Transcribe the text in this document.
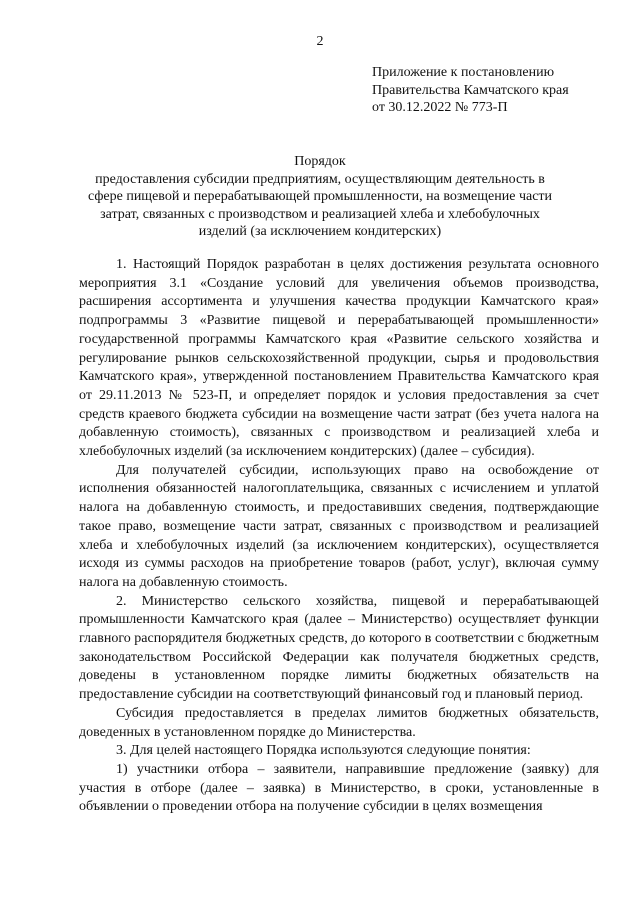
2
Приложение к постановлению
Правительства Камчатского края
от 30.12.2022 № 773-П
Порядок
предоставления субсидии предприятиям, осуществляющим деятельность в
сфере пищевой и перерабатывающей промышленности, на возмещение части
затрат, связанных с производством и реализацией хлеба и хлебобулочных
изделий (за исключением кондитерских)

1. Настоящий Порядок разработан в целях достижения результата основного мероприятия 3.1 «Создание условий для увеличения объемов производства, расширения ассортимента и улучшения качества продукции Камчатского края» подпрограммы 3 «Развитие пищевой и перерабатывающей промышленности» государственной программы Камчатского края «Развитие сельского хозяйства и регулирование рынков сельскохозяйственной продукции, сырья и продовольствия Камчатского края», утвержденной постановлением Правительства Камчатского края от 29.11.2013 № 523-П, и определяет порядок и условия предоставления за счет средств краевого бюджета субсидии на возмещение части затрат (без учета налога на добавленную стоимость), связанных с производством и реализацией хлеба и хлебобулочных изделий (за исключением кондитерских) (далее – субсидия).

Для получателей субсидии, использующих право на освобождение от исполнения обязанностей налогоплательщика, связанных с исчислением и уплатой налога на добавленную стоимость, и предоставивших сведения, подтверждающие такое право, возмещение части затрат, связанных с производством и реализацией хлеба и хлебобулочных изделий (за исключением кондитерских), осуществляется исходя из суммы расходов на приобретение товаров (работ, услуг), включая сумму налога на добавленную стоимость.

2. Министерство сельского хозяйства, пищевой и перерабатывающей промышленности Камчатского края (далее – Министерство) осуществляет функции главного распорядителя бюджетных средств, до которого в соответствии с бюджетным законодательством Российской Федерации как получателя бюджетных средств, доведены в установленном порядке лимиты бюджетных обязательств на предоставление субсидии на соответствующий финансовый год и плановый период.

Субсидия предоставляется в пределах лимитов бюджетных обязательств, доведенных в установленном порядке до Министерства.

3. Для целей настоящего Порядка используются следующие понятия:

1) участники отбора – заявители, направившие предложение (заявку) для участия в отборе (далее – заявка) в Министерство, в сроки, установленные в объявлении о проведении отбора на получение субсидии в целях возмещения
